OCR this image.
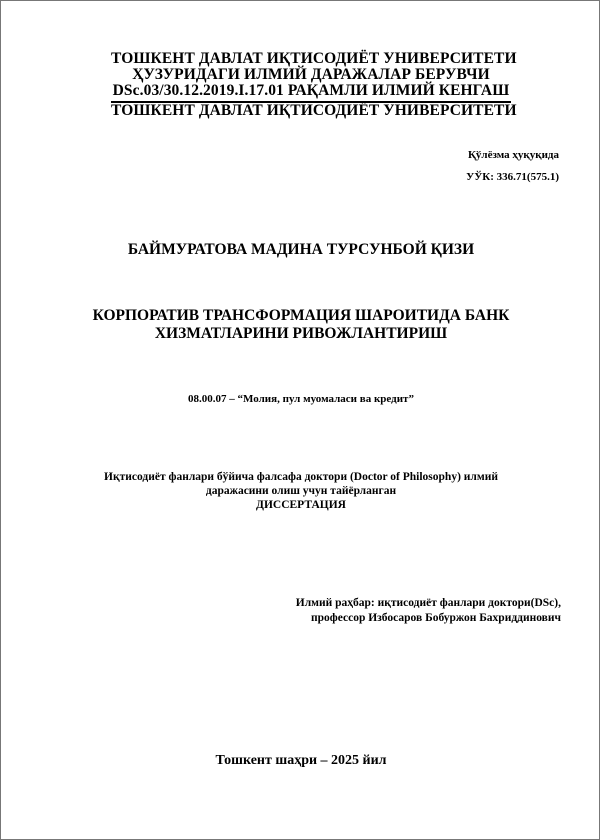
ТОШКЕНТ ДАВЛАТ ИҚТИСОДИЁТ УНИВЕРСИТЕТИ
ҲУЗУРИДАГИ ИЛМИЙ ДАРАЖАЛАР БЕРУВЧИ
DSc.03/30.12.2019.I.17.01 РАҚАМЛИ ИЛМИЙ КЕНГАШ
ТОШКЕНТ ДАВЛАТ ИҚТИСОДИЁТ УНИВЕРСИТЕТИ
Қўлёзма ҳуқуқида
УЎК: 336.71(575.1)
БАЙМУРАТОВА МАДИНА ТУРСУНБОЙ ҚИЗИ
КОРПОРАТИВ ТРАНСФОРМАЦИЯ ШАРОИТИДА БАНК
ХИЗМАТЛАРИНИ РИВОЖЛАНТИРИШ
08.00.07 – “Молия, пул муомаласи ва кредит”
Иқтисодиёт фанлари бўйича фалсафа доктори (Doctor of Philosophy) илмий
даражасини олиш учун тайёрланган
ДИССЕРТАЦИЯ
Илмий раҳбар: иқтисодиёт фанлари доктори(DSc),
профессор Избосаров Бобуржон Бахриддинович
Тошкент шаҳри – 2025 йил
